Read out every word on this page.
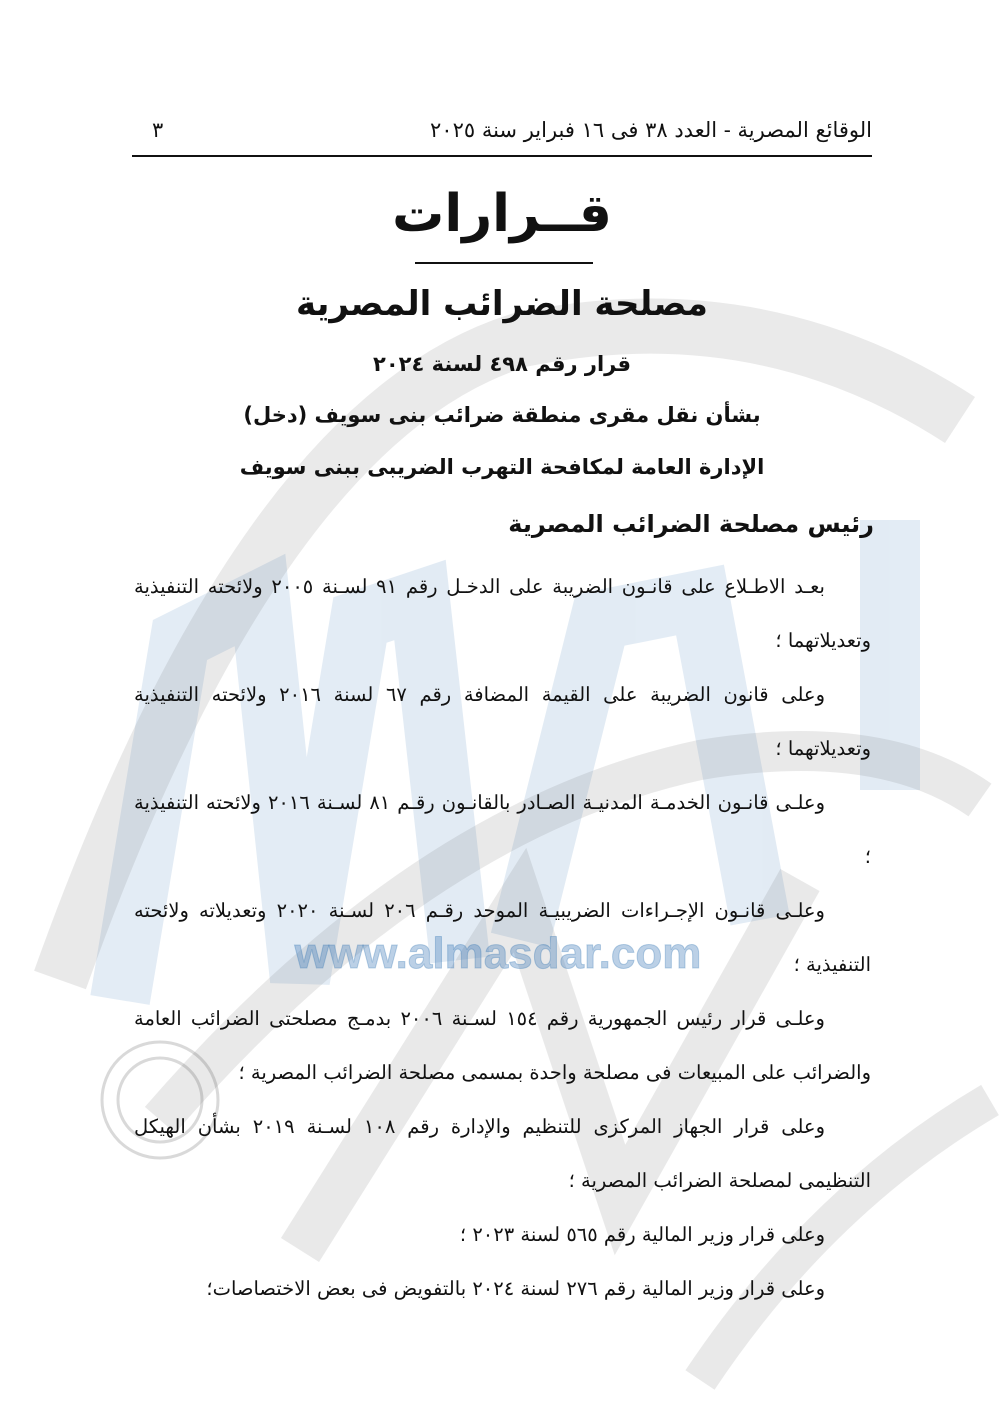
www.almasdar.com
الوقائع المصرية - العدد ٣٨ فى ١٦ فبراير سنة ٢٠٢٥
٣
قــرارات
مصلحة الضرائب المصرية
قرار رقم ٤٩٨ لسنة ٢٠٢٤
بشأن نقل مقرى منطقة ضرائب بنى سويف (دخل)
الإدارة العامة لمكافحة التهرب الضريبى ببنى سويف
رئيس مصلحة الضرائب المصرية

بعـد الاطـلاع على قانـون الضريبة على الدخـل رقم ٩١ لسـنة ٢٠٠٥ ولائحته التنفيذية وتعديلاتهما ؛

وعلى قانون الضريبة على القيمة المضافة رقم ٦٧ لسنة ٢٠١٦ ولائحته التنفيذية وتعديلاتهما ؛

وعلـى قانـون الخدمـة المدنيـة الصـادر بالقانـون رقـم ٨١ لسـنة ٢٠١٦ ولائحته التنفيذية ؛

وعلـى قانـون الإجـراءات الضريبيـة الموحد رقـم ٢٠٦ لسـنة ٢٠٢٠ وتعديلاته ولائحته التنفيذية ؛

وعلـى قرار رئيس الجمهورية رقم ١٥٤ لسـنة ٢٠٠٦ بدمـج مصلحتى الضرائب العامة والضرائب على المبيعات فى مصلحة واحدة بمسمى مصلحة الضرائب المصرية ؛

وعلى قرار الجهاز المركزى للتنظيم والإدارة رقم ١٠٨ لسـنة ٢٠١٩ بشأن الهيكل التنظيمى لمصلحة الضرائب المصرية ؛

وعلى قرار وزير المالية رقم ٥٦٥ لسنة ٢٠٢٣ ؛

وعلى قرار وزير المالية رقم ٢٧٦ لسنة ٢٠٢٤ بالتفويض فى بعض الاختصاصات؛
